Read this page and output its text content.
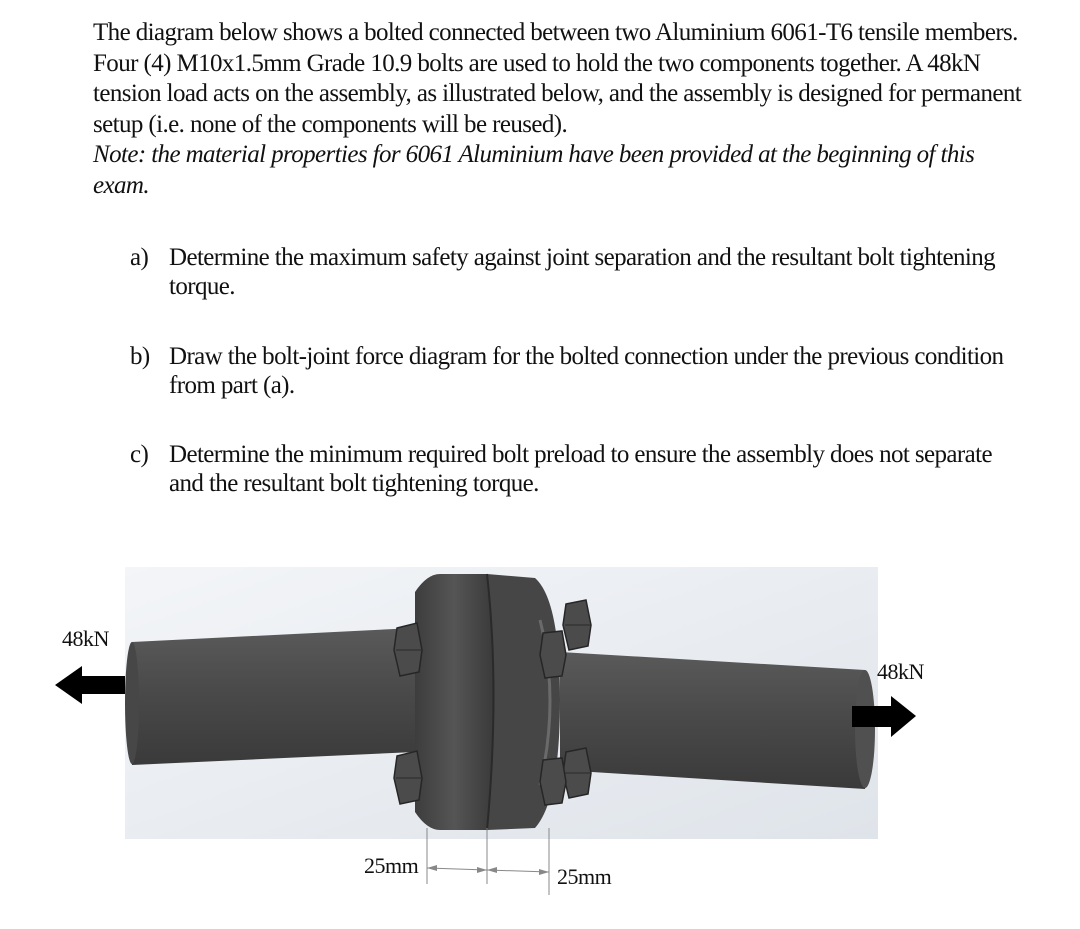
The diagram below shows a bolted connected between two Aluminium 6061-T6 tensile members. Four (4) M10x1.5mm Grade 10.9 bolts are used to hold the two components together. A 48kN tension load acts on the assembly, as illustrated below, and the assembly is designed for permanent setup (i.e. none of the components will be reused).

Note: the material properties for 6061 Aluminium have been provided at the beginning of this exam.

a) Determine the maximum safety against joint separation and the resultant bolt tightening torque.
b) Draw the bolt-joint force diagram for the bolted connection under the previous condition from part (a).
c) Determine the minimum required bolt preload to ensure the assembly does not separate and the resultant bolt tightening torque.
48kN
48kN
25mm	25mm
